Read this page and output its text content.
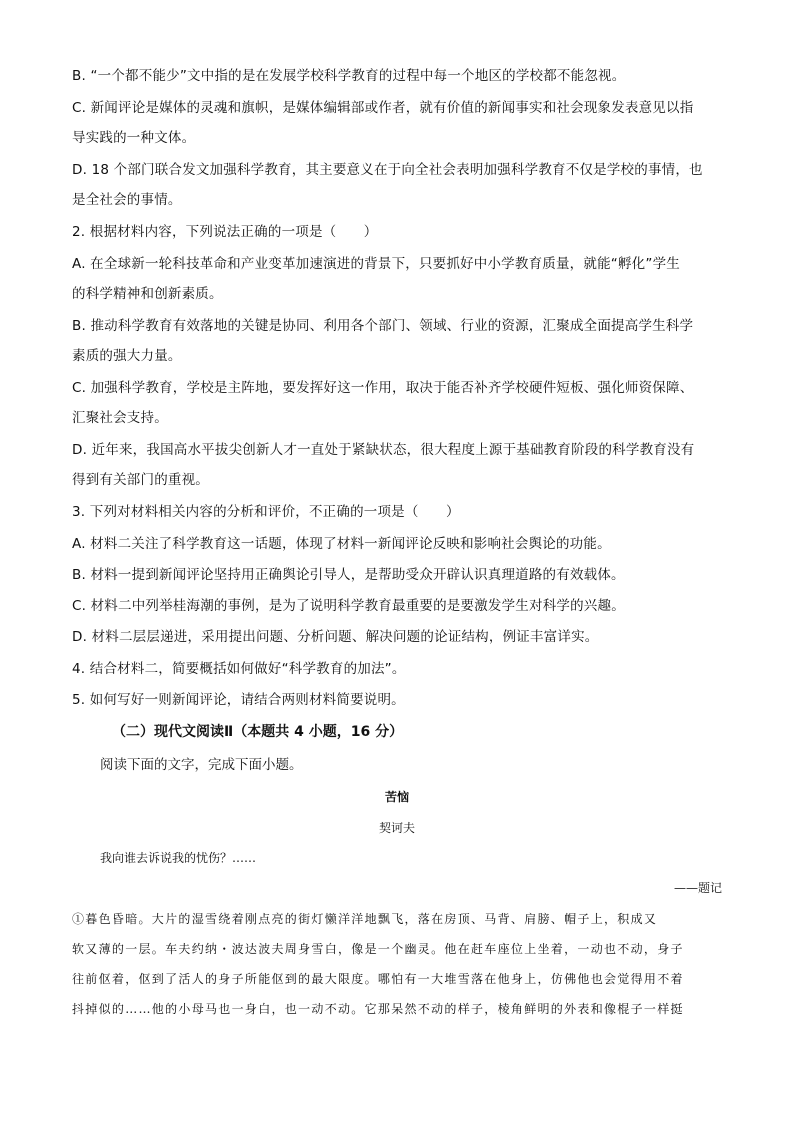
B. “一个都不能少”文中指的是在发展学校科学教育的过程中每一个地区的学校都不能忽视。
C. 新闻评论是媒体的灵魂和旗帜，是媒体编辑部或作者，就有价值的新闻事实和社会现象发表意见以指
导实践的一种文体。
D. 18 个部门联合发文加强科学教育，其主要意义在于向全社会表明加强科学教育不仅是学校的事情，也
是全社会的事情。
2. 根据材料内容，下列说法正确的一项是（　　）
A. 在全球新一轮科技革命和产业变革加速演进的背景下，只要抓好中小学教育质量，就能“孵化”学生
的科学精神和创新素质。
B. 推动科学教育有效落地的关键是协同、利用各个部门、领域、行业的资源，汇聚成全面提高学生科学
素质的强大力量。
C. 加强科学教育，学校是主阵地，要发挥好这一作用，取决于能否补齐学校硬件短板、强化师资保障、
汇聚社会支持。
D. 近年来，我国高水平拔尖创新人才一直处于紧缺状态，很大程度上源于基础教育阶段的科学教育没有
得到有关部门的重视。
3. 下列对材料相关内容的分析和评价，不正确的一项是（　　）
A. 材料二关注了科学教育这一话题，体现了材料一新闻评论反映和影响社会舆论的功能。
B. 材料一提到新闻评论坚持用正确舆论引导人，是帮助受众开辟认识真理道路的有效载体。
C. 材料二中列举桂海潮的事例，是为了说明科学教育最重要的是要激发学生对科学的兴趣。
D. 材料二层层递进，采用提出问题、分析问题、解决问题的论证结构，例证丰富详实。
4. 结合材料二，简要概括如何做好“科学教育的加法”。
5. 如何写好一则新闻评论，请结合两则材料简要说明。
（二）现代文阅读Ⅱ（本题共 4 小题，16 分）
阅读下面的文字，完成下面小题。
苦恼
契诃夫
我向谁去诉说我的忧伤？……
——题记
①暮色昏暗。大片的湿雪绕着刚点亮的街灯懒洋洋地飘飞，落在房顶、马背、肩膀、帽子上，积成又
软又薄的一层。车夫约纳・波达波夫周身雪白，像是一个幽灵。他在赶车座位上坐着，一动也不动，身子
往前伛着，伛到了活人的身子所能伛到的最大限度。哪怕有一大堆雪落在他身上，仿佛他也会觉得用不着
抖掉似的……他的小母马也一身白，也一动不动。它那呆然不动的样子，棱角鲜明的外表和像棍子一样挺
